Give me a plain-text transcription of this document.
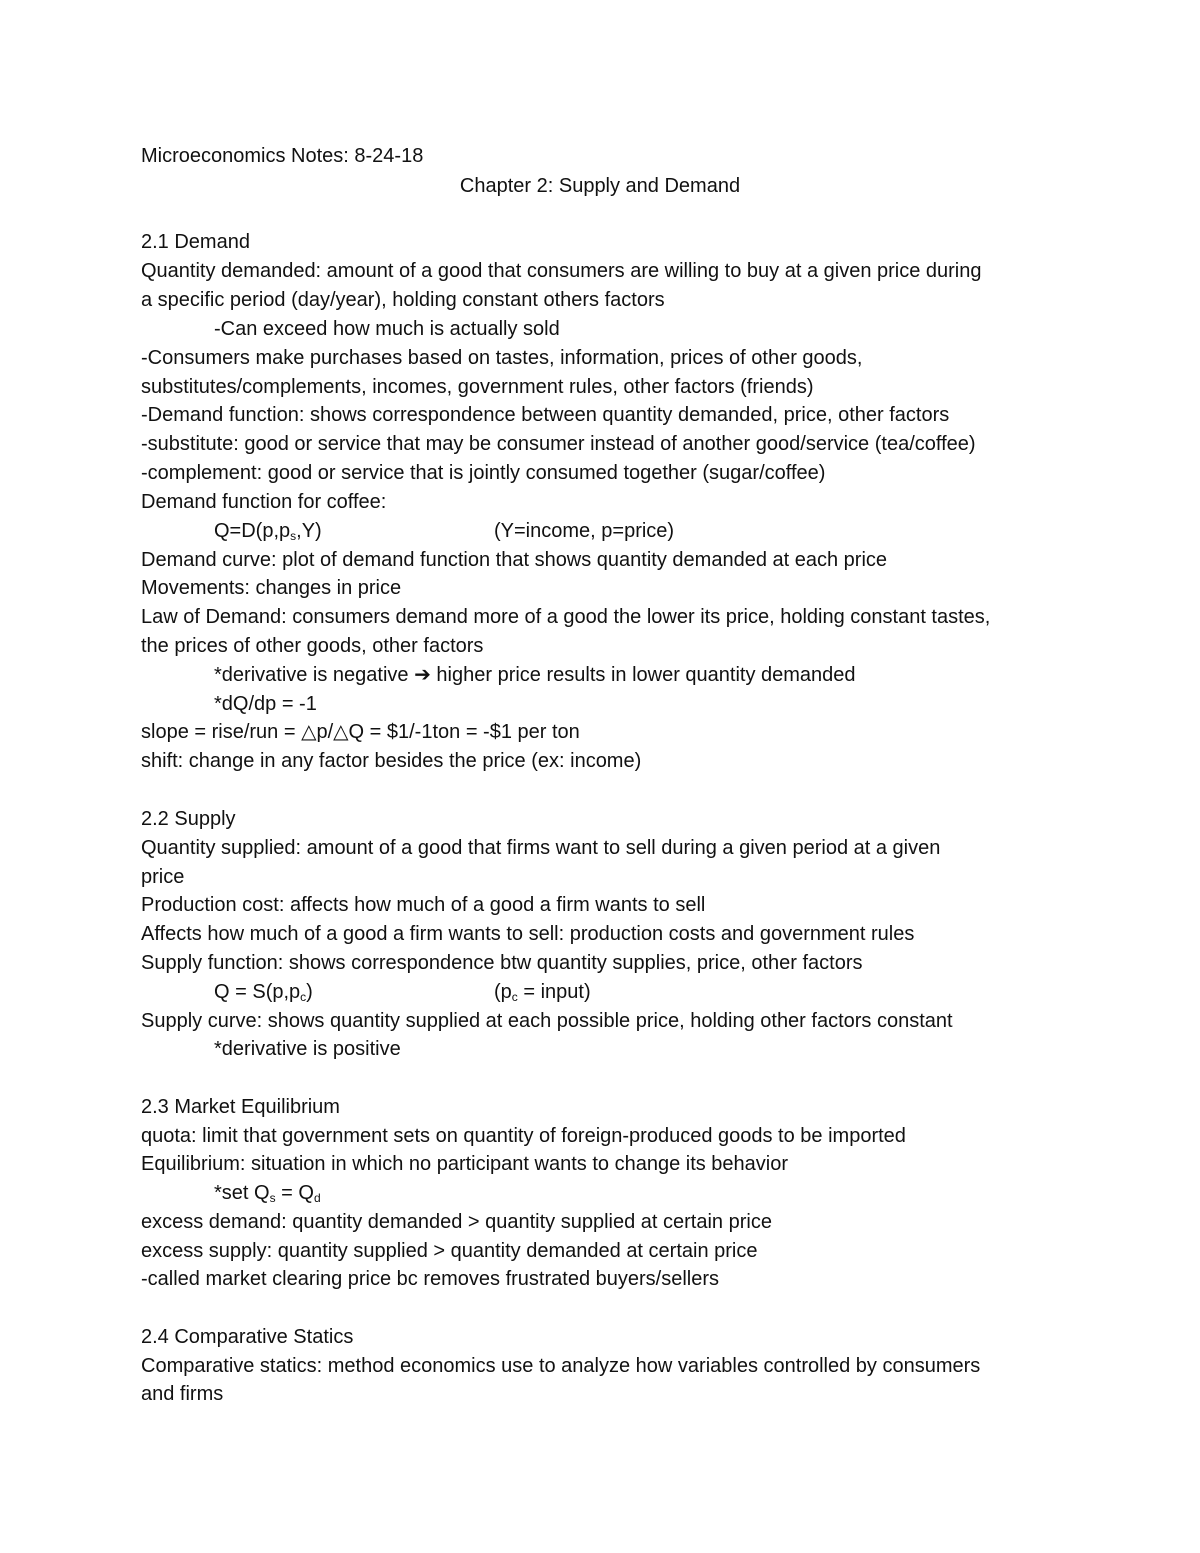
Microeconomics Notes: 8-24-18
Chapter 2: Supply and Demand
2.1 Demand
Quantity demanded: amount of a good that consumers are willing to buy at a given price during
a specific period (day/year), holding constant others factors
-Can exceed how much is actually sold
-Consumers make purchases based on tastes, information, prices of other goods,
substitutes/complements, incomes, government rules, other factors (friends)
-Demand function: shows correspondence between quantity demanded, price, other factors
-substitute: good or service that may be consumer instead of another good/service (tea/coffee)
-complement: good or service that is jointly consumed together (sugar/coffee)
Demand function for coffee:
$Q=D(p,p_s,Y)$	(Y=income, p=price)
Demand curve: plot of demand function that shows quantity demanded at each price
Movements: changes in price
Law of Demand: consumers demand more of a good the lower its price, holding constant tastes,
the prices of other goods, other factors
*derivative is negative ➔ higher price results in lower quantity demanded
*dQ/dp = -1
slope = rise/run = △p/△Q = $1/-1ton = -$1 per ton
shift: change in any factor besides the price (ex: income)
2.2 Supply
Quantity supplied: amount of a good that firms want to sell during a given period at a given
price
Production cost: affects how much of a good a firm wants to sell
Affects how much of a good a firm wants to sell: production costs and government rules
Supply function: shows correspondence btw quantity supplies, price, other factors
$Q = S(p,p_c)$	($p_c$ = input)
Supply curve: shows quantity supplied at each possible price, holding other factors constant
*derivative is positive
2.3 Market Equilibrium
quota: limit that government sets on quantity of foreign-produced goods to be imported
Equilibrium: situation in which no participant wants to change its behavior
*set $Q_s = Q_d$
excess demand: quantity demanded > quantity supplied at certain price
excess supply: quantity supplied > quantity demanded at certain price
-called market clearing price bc removes frustrated buyers/sellers
2.4 Comparative Statics
Comparative statics: method economics use to analyze how variables controlled by consumers
and firms
